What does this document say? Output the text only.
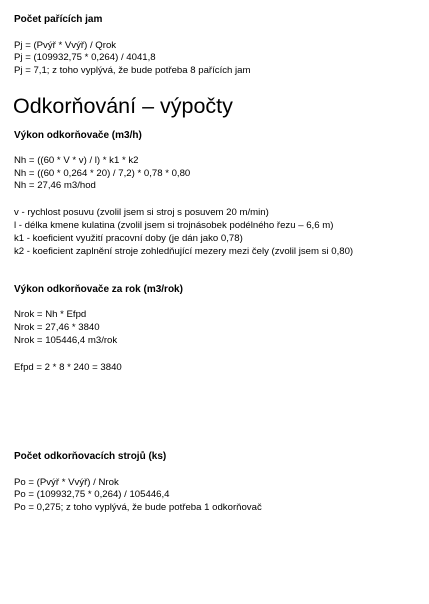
Počet pařících jam
Pj = (Pvýř * Vvýř) / Qrok
Pj = (109932,75 * 0,264) / 4041,8
Pj = 7,1; z toho vyplývá, že bude potřeba 8 pařících jam
Odkorňování – výpočty
Výkon odkorňovače (m3/h)
Nh = ((60 * V * v) / l) * k1 * k2
Nh = ((60 * 0,264 * 20) / 7,2) * 0,78 * 0,80
Nh = 27,46 m3/hod
v - rychlost posuvu (zvolil jsem si stroj s posuvem 20 m/min)
l - délka kmene kulatina (zvolil jsem si trojnásobek podélného řezu – 6,6 m)
k1 - koeficient využití pracovní doby (je dán jako 0,78)
k2 - koeficient zaplnění stroje zohledňující mezery mezi čely (zvolil jsem si 0,80)
Výkon odkorňovače za rok (m3/rok)
Nrok = Nh * Efpd
Nrok = 27,46 * 3840
Nrok = 105446,4 m3/rok
Efpd = 2 * 8 * 240 = 3840
Počet odkorňovacích strojů (ks)
Po = (Pvýř * Vvýř) / Nrok
Po = (109932,75 * 0,264) / 105446,4
Po = 0,275; z toho vyplývá, že bude potřeba 1 odkorňovač
